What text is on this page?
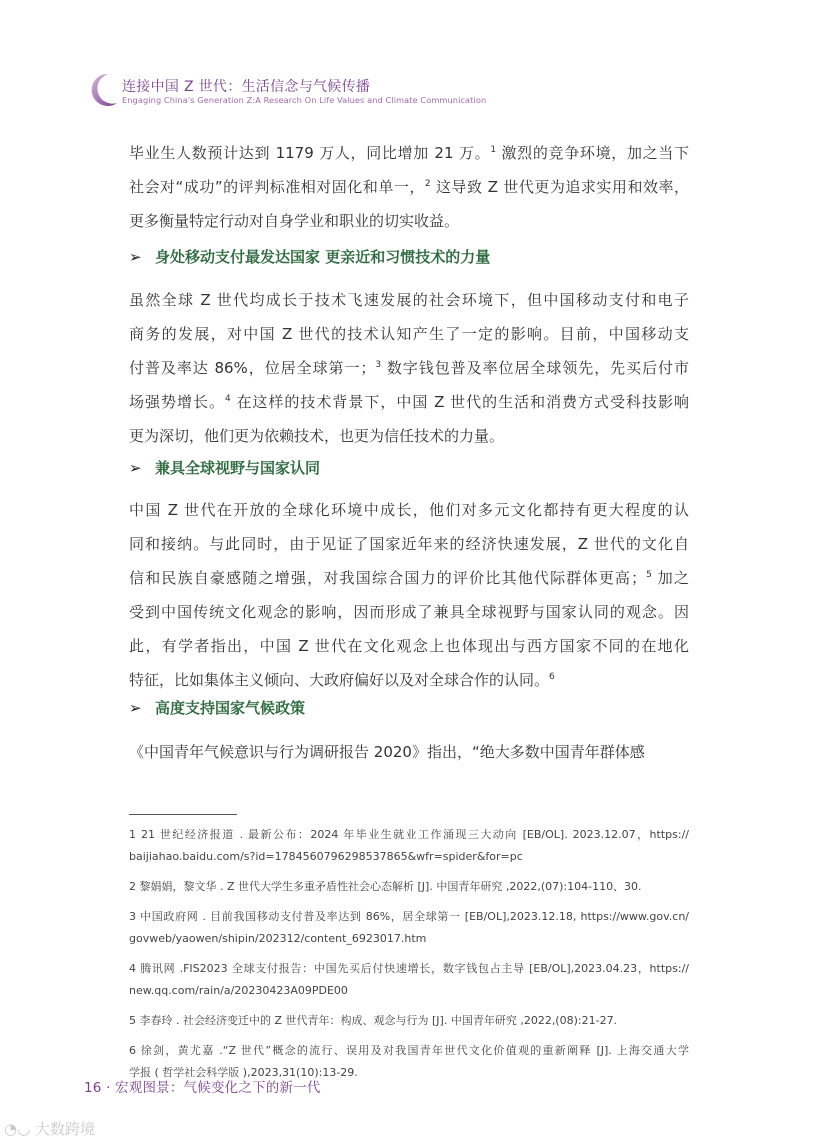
连接中国 Z 世代：生活信念与气候传播
Engaging China's Generation Z:A Research On Life Values and Climate Communication

毕业生人数预计达到 1179 万人，同比增加 21 万。$^1$ 激烈的竞争环境，加之当下

社会对“成功”的评判标准相对固化和单一，$^2$ 这导致 Z 世代更为追求实用和效率，

更多衡量特定行动对自身学业和职业的切实收益。

➢ 身处移动支付最发达国家 更亲近和习惯技术的力量

虽然全球 Z 世代均成长于技术飞速发展的社会环境下，但中国移动支付和电子

商务的发展，对中国 Z 世代的技术认知产生了一定的影响。目前，中国移动支

付普及率达 86%，位居全球第一；$^3$ 数字钱包普及率位居全球领先，先买后付市

场强势增长。$^4$ 在这样的技术背景下，中国 Z 世代的生活和消费方式受科技影响

更为深切，他们更为依赖技术，也更为信任技术的力量。

➢ 兼具全球视野与国家认同

中国 Z 世代在开放的全球化环境中成长，他们对多元文化都持有更大程度的认

同和接纳。与此同时，由于见证了国家近年来的经济快速发展，Z 世代的文化自

信和民族自豪感随之增强，对我国综合国力的评价比其他代际群体更高；$^5$ 加之

受到中国传统文化观念的影响，因而形成了兼具全球视野与国家认同的观念。因

此，有学者指出，中国 Z 世代在文化观念上也体现出与西方国家不同的在地化

特征，比如集体主义倾向、大政府偏好以及对全球合作的认同。$^6$

➢ 高度支持国家气候政策

《中国青年气候意识与行为调研报告 2020》指出，“绝大多数中国青年群体感

1 21 世纪经济报道 . 最新公布：2024 年毕业生就业工作涌现三大动向 [EB/OL]. 2023.12.07，https://

baijiahao.baidu.com/s?id=1784560796298537865&wfr=spider&for=pc

2 黎娟娟，黎文华 . Z 世代大学生多重矛盾性社会心态解析 [J]. 中国青年研究 ,2022,(07):104-110、30.

3 中国政府网 . 目前我国移动支付普及率达到 86%，居全球第一 [EB/OL],2023.12.18, https://www.gov.cn/

govweb/yaowen/shipin/202312/content_6923017.htm

4 腾讯网 .FIS2023 全球支付报告：中国先买后付快速增长，数字钱包占主导 [EB/OL],2023.04.23，https://

new.qq.com/rain/a/20230423A09PDE00

5 李春玲 . 社会经济变迁中的 Z 世代青年：构成、观念与行为 [J]. 中国青年研究 ,2022,(08):21-27.

6 徐剑，黄尤嘉 .“Z 世代”概念的流行、误用及对我国青年世代文化价值观的重新阐释 [J]. 上海交通大学

学报 ( 哲学社会科学版 ),2023,31(10):13-29.

16 · 宏观图景：气候变化之下的新一代
◔◡ 大数跨境
